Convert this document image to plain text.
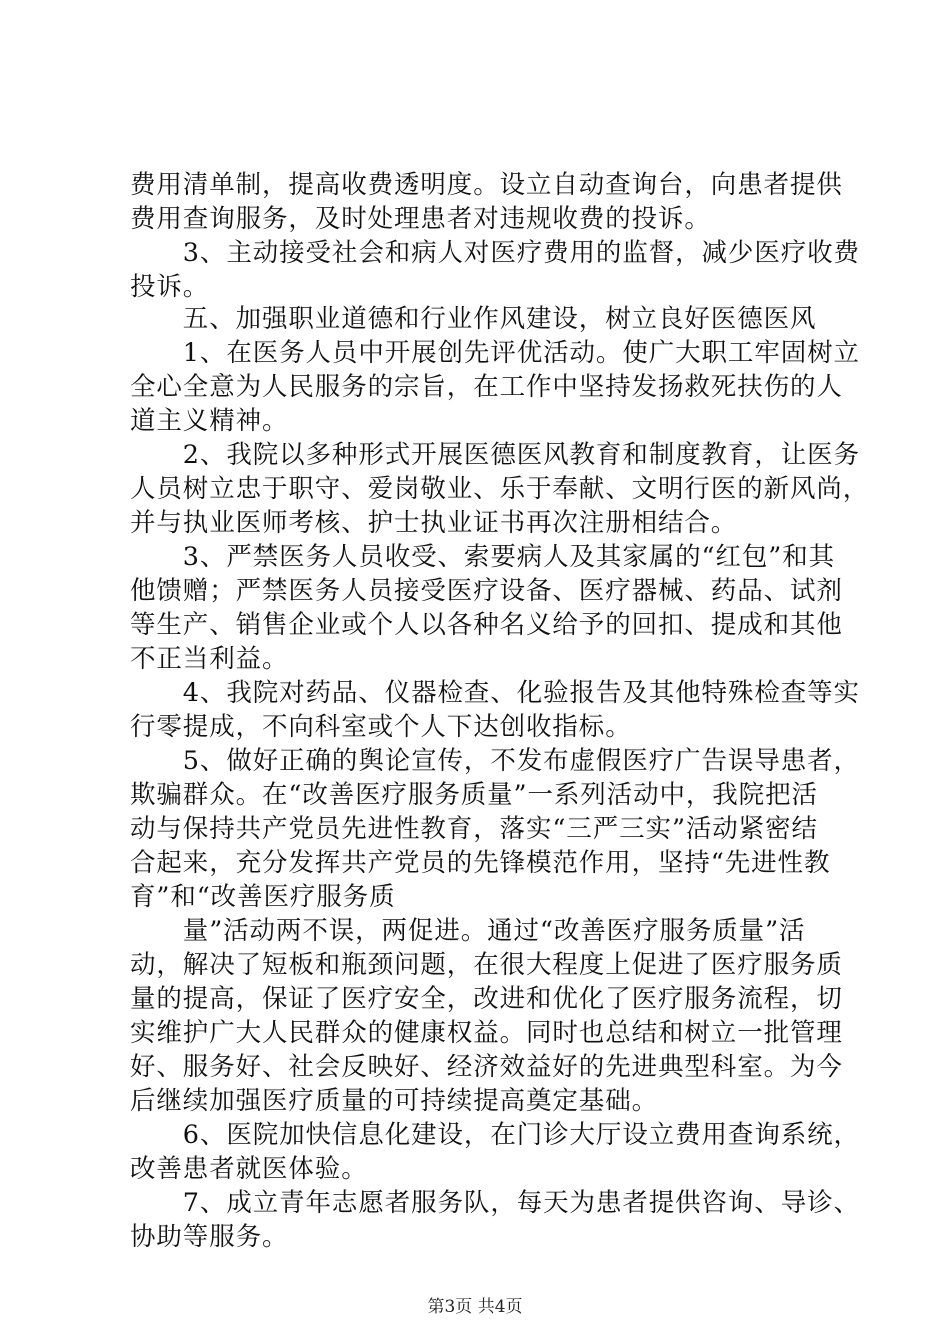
费用清单制，提高收费透明度。设立自动查询台，向患者提供
费用查询服务，及时处理患者对违规收费的投诉。
　　3、主动接受社会和病人对医疗费用的监督，减少医疗收费
投诉。
　　五、加强职业道德和行业作风建设，树立良好医德医风
　　1、在医务人员中开展创先评优活动。使广大职工牢固树立
全心全意为人民服务的宗旨，在工作中坚持发扬救死扶伤的人
道主义精神。
　　2、我院以多种形式开展医德医风教育和制度教育，让医务
人员树立忠于职守、爱岗敬业、乐于奉献、文明行医的新风尚，
并与执业医师考核、护士执业证书再次注册相结合。
　　3、严禁医务人员收受、索要病人及其家属的“红包”和其
他馈赠；严禁医务人员接受医疗设备、医疗器械、药品、试剂
等生产、销售企业或个人以各种名义给予的回扣、提成和其他
不正当利益。
　　4、我院对药品、仪器检查、化验报告及其他特殊检查等实
行零提成，不向科室或个人下达创收指标。
　　5、做好正确的舆论宣传，不发布虚假医疗广告误导患者，
欺骗群众。在“改善医疗服务质量”一系列活动中，我院把活
动与保持共产党员先进性教育，落实“三严三实”活动紧密结
合起来，充分发挥共产党员的先锋模范作用，坚持“先进性教
育”和“改善医疗服务质
　　量”活动两不误，两促进。通过“改善医疗服务质量”活
动，解决了短板和瓶颈问题，在很大程度上促进了医疗服务质
量的提高，保证了医疗安全，改进和优化了医疗服务流程，切
实维护广大人民群众的健康权益。同时也总结和树立一批管理
好、服务好、社会反映好、经济效益好的先进典型科室。为今
后继续加强医疗质量的可持续提高奠定基础。
　　6、医院加快信息化建设，在门诊大厅设立费用查询系统，
改善患者就医体验。
　　7、成立青年志愿者服务队，每天为患者提供咨询、导诊、
协助等服务。
第3页 共4页
